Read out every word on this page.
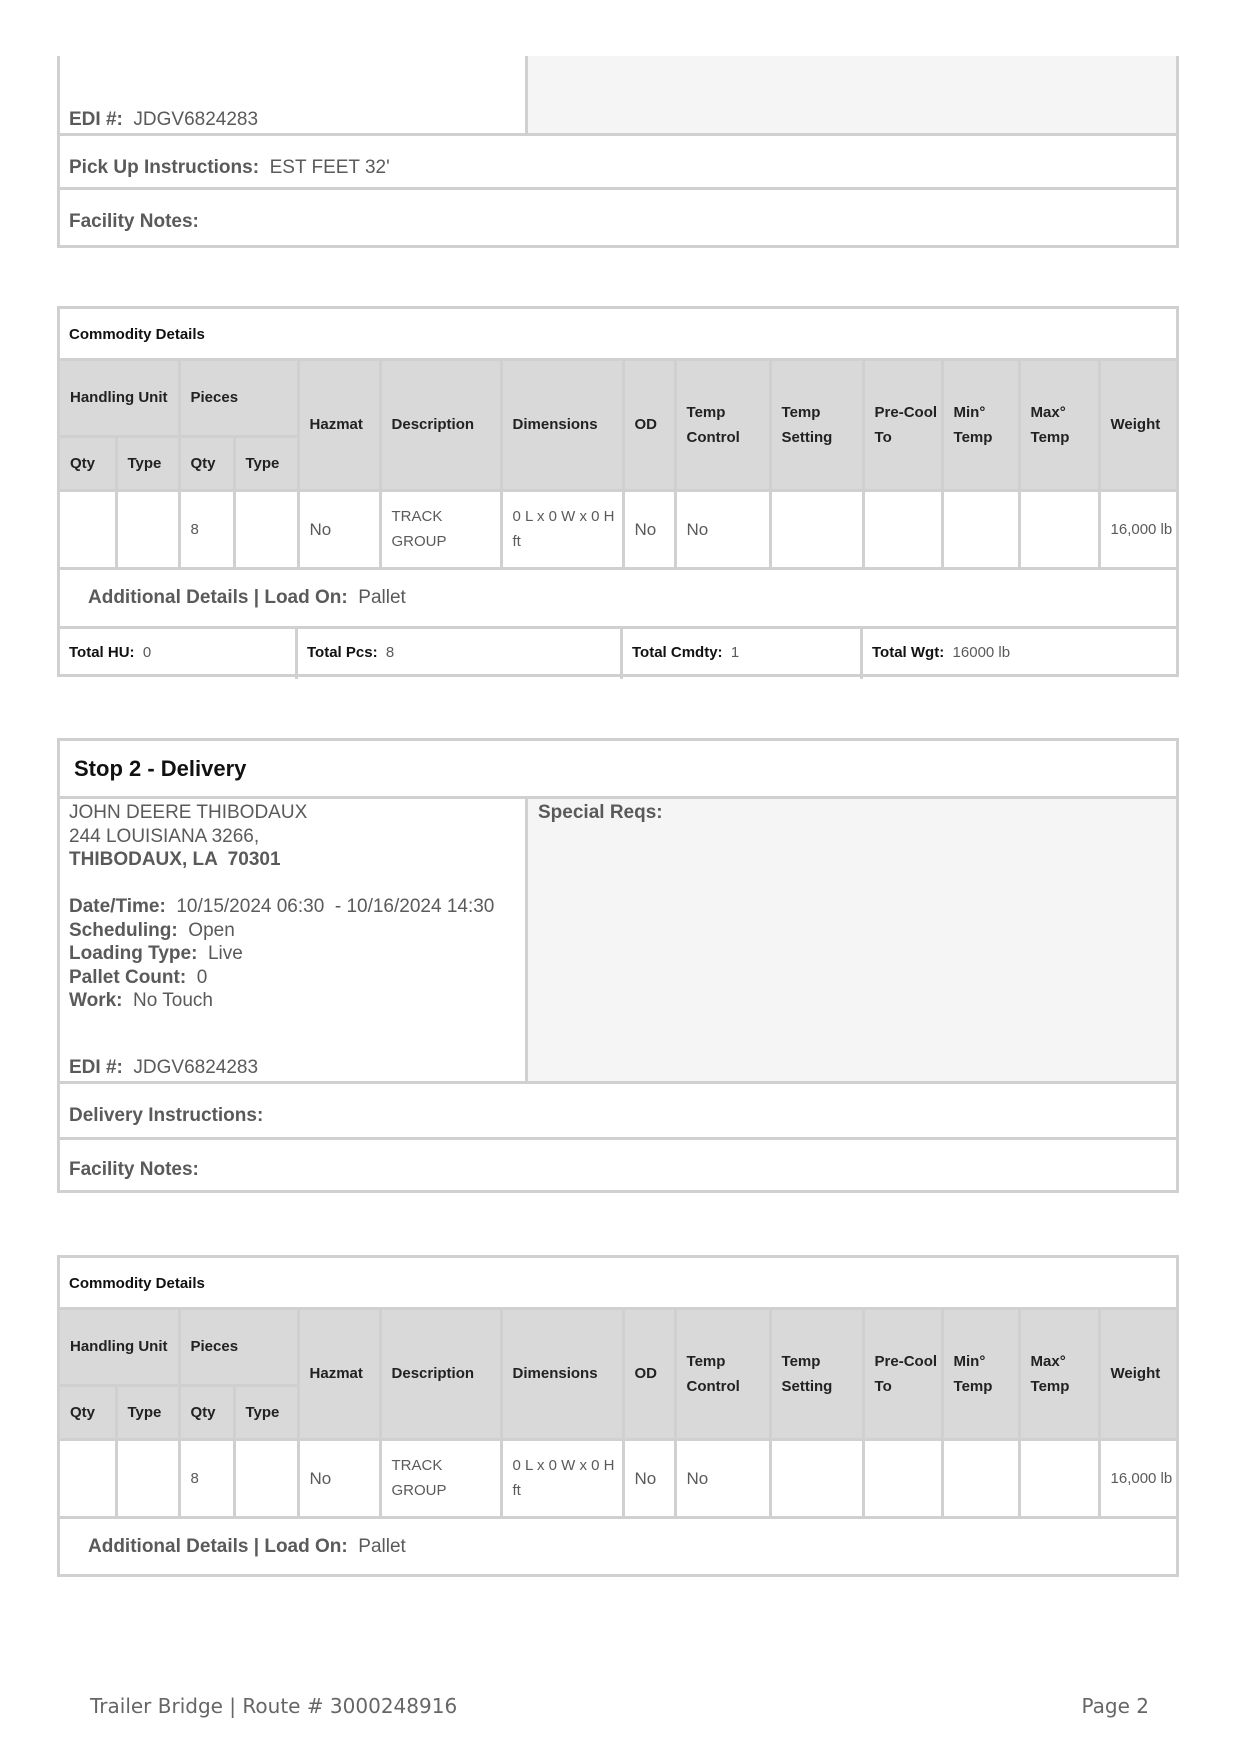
EDI #: JDGV6824283
Pick Up Instructions: EST FEET 32'
Facility Notes:
Commodity Details
Handling Unit		Pieces		Hazmat	Description	Dimensions	OD	Temp Control	Temp Setting	Pre-Cool To	Min° Temp	Max° Temp	Weight
Qty	Type	Qty	Type										
		8		No	TRACK GROUP	0 L x 0 W x 0 H ft	No	No					16,000 lb
Additional Details | Load On: Pallet
Total HU: 0	Total Pcs: 8	Total Cmdty: 1	Total Wgt: 16000 lb
Stop 2 - Delivery
JOHN DEERE THIBODAUX
244 LOUISIANA 3266,
THIBODAUX, LA  70301
Date/Time: 10/15/2024 06:30  - 10/16/2024 14:30
Scheduling: Open
Loading Type: Live
Pallet Count: 0
Work: No Touch
EDI #: JDGV6824283
Special Reqs:
Delivery Instructions:
Facility Notes:
Commodity Details
Handling Unit		Pieces		Hazmat	Description	Dimensions	OD	Temp Control	Temp Setting	Pre-Cool To	Min° Temp	Max° Temp	Weight
Qty	Type	Qty	Type										
		8		No	TRACK GROUP	0 L x 0 W x 0 H ft	No	No					16,000 lb
Additional Details | Load On: Pallet
Trailer Bridge | Route # 3000248916	Page 2
